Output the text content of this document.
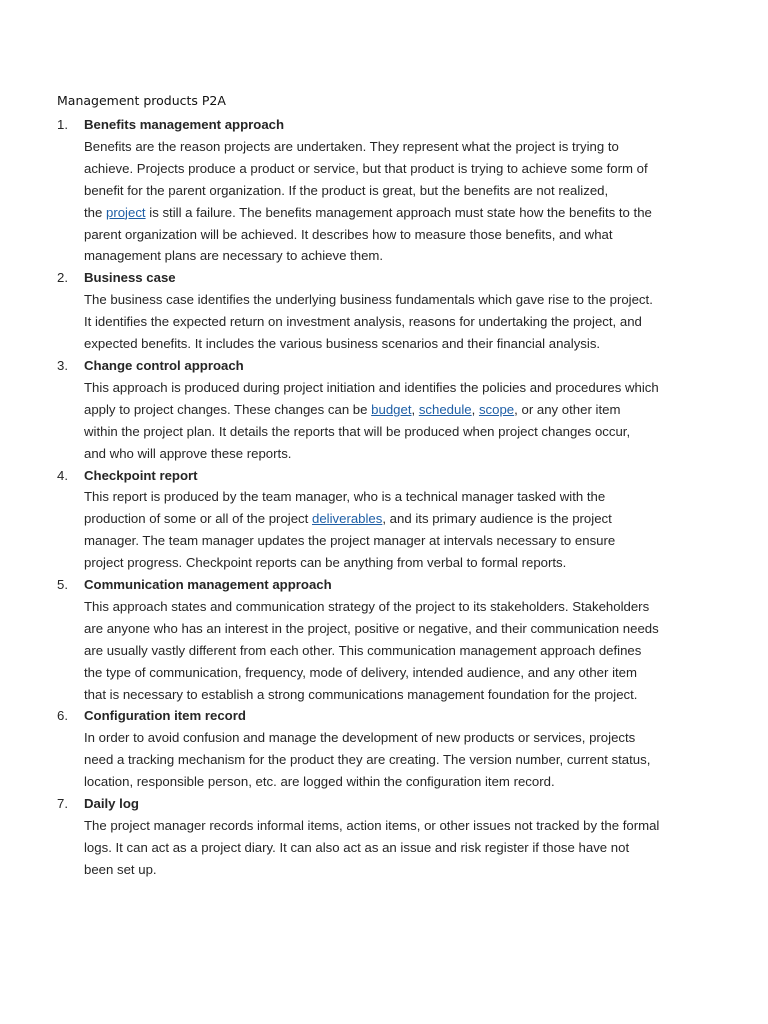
Management products P2A
1. Benefits management approach
Benefits are the reason projects are undertaken. They represent what the project is trying to
achieve. Projects produce a product or service, but that product is trying to achieve some form of
benefit for the parent organization. If the product is great, but the benefits are not realized,
the project is still a failure. The benefits management approach must state how the benefits to the
parent organization will be achieved. It describes how to measure those benefits, and what
management plans are necessary to achieve them.
2. Business case
The business case identifies the underlying business fundamentals which gave rise to the project.
It identifies the expected return on investment analysis, reasons for undertaking the project, and
expected benefits. It includes the various business scenarios and their financial analysis.
3. Change control approach
This approach is produced during project initiation and identifies the policies and procedures which
apply to project changes. These changes can be budget, schedule, scope, or any other item
within the project plan. It details the reports that will be produced when project changes occur,
and who will approve these reports.
4. Checkpoint report
This report is produced by the team manager, who is a technical manager tasked with the
production of some or all of the project deliverables, and its primary audience is the project
manager. The team manager updates the project manager at intervals necessary to ensure
project progress. Checkpoint reports can be anything from verbal to formal reports.
5. Communication management approach
This approach states and communication strategy of the project to its stakeholders. Stakeholders
are anyone who has an interest in the project, positive or negative, and their communication needs
are usually vastly different from each other. This communication management approach defines
the type of communication, frequency, mode of delivery, intended audience, and any other item
that is necessary to establish a strong communications management foundation for the project.
6. Configuration item record
In order to avoid confusion and manage the development of new products or services, projects
need a tracking mechanism for the product they are creating. The version number, current status,
location, responsible person, etc. are logged within the configuration item record.
7. Daily log
The project manager records informal items, action items, or other issues not tracked by the formal
logs. It can act as a project diary. It can also act as an issue and risk register if those have not
been set up.
